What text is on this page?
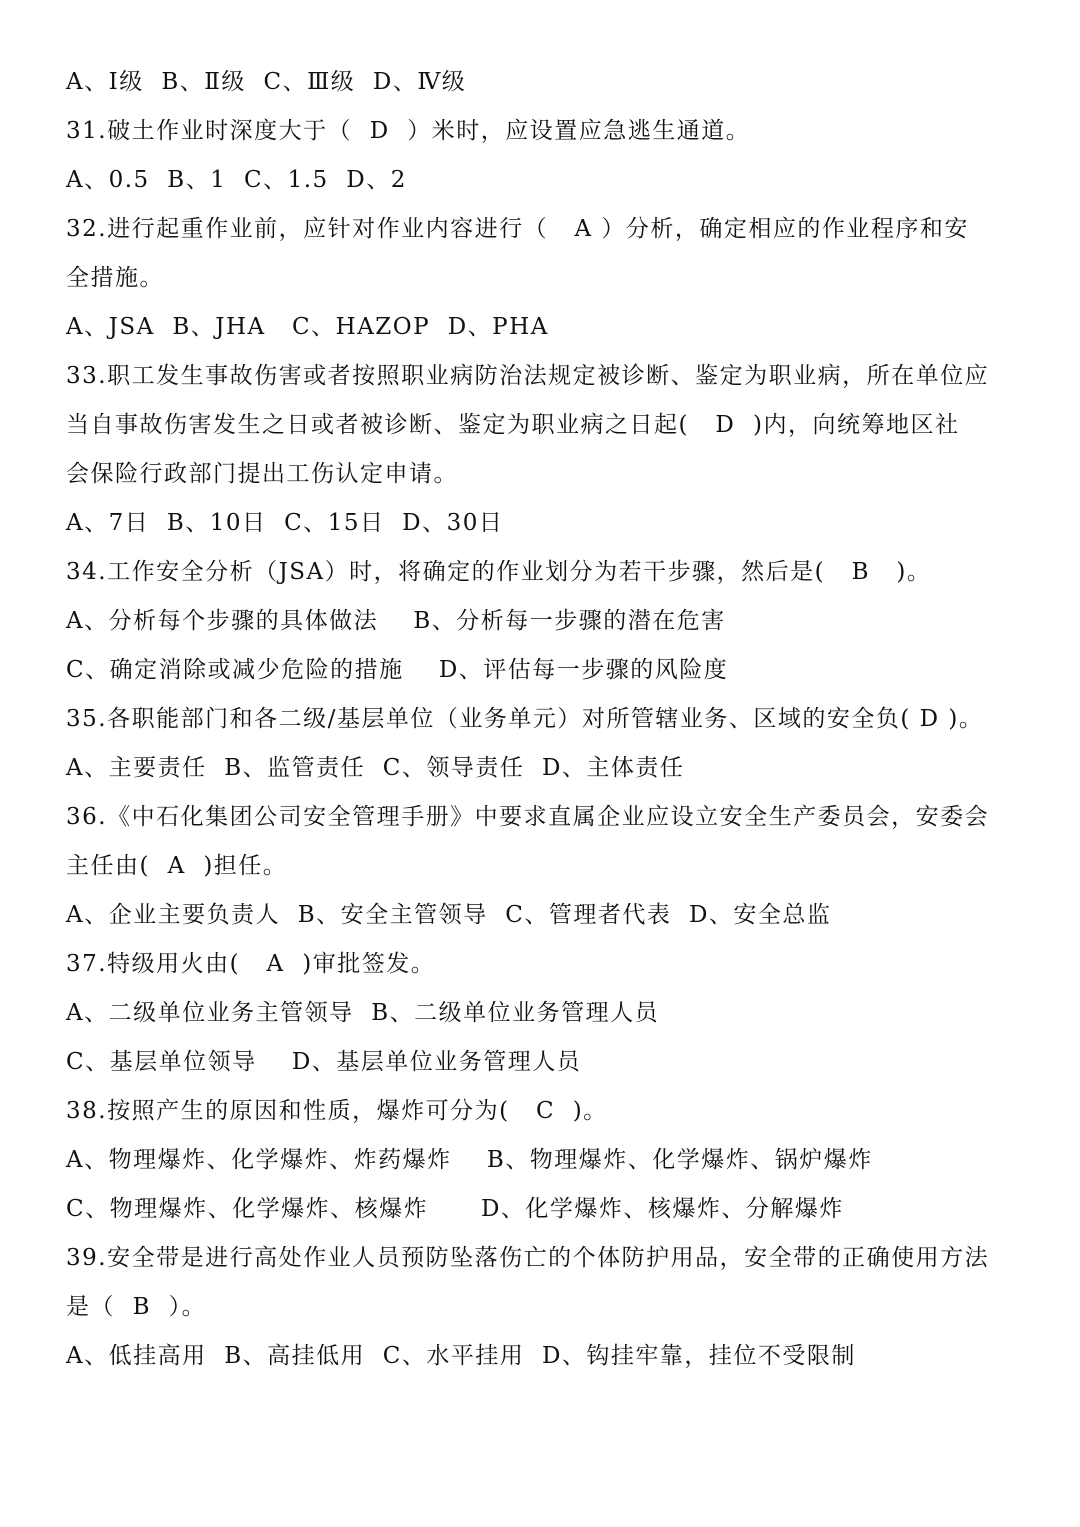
A、Ⅰ级  B、Ⅱ级  C、Ⅲ级  D、Ⅳ级
31.破土作业时深度大于（  D  ）米时，应设置应急逃生通道。
A、0.5  B、1  C、1.5  D、2
32.进行起重作业前，应针对作业内容进行（   A ）分析，确定相应的作业程序和安
全措施。
A、JSA  B、JHA   C、HAZOP  D、PHA
33.职工发生事故伤害或者按照职业病防治法规定被诊断、鉴定为职业病，所在单位应
当自事故伤害发生之日或者被诊断、鉴定为职业病之日起(   D  )内，向统筹地区社
会保险行政部门提出工伤认定申请。
A、7日  B、10日  C、15日  D、30日
34.工作安全分析（JSA）时，将确定的作业划分为若干步骤，然后是(   B   )。
A、分析每个步骤的具体做法    B、分析每一步骤的潜在危害
C、确定消除或减少危险的措施    D、评估每一步骤的风险度
35.各职能部门和各二级/基层单位（业务单元）对所管辖业务、区域的安全负( D )。
A、主要责任  B、监管责任  C、领导责任  D、主体责任
36.《中石化集团公司安全管理手册》中要求直属企业应设立安全生产委员会，安委会
主任由(  A  )担任。
A、企业主要负责人  B、安全主管领导  C、管理者代表  D、安全总监
37.特级用火由(   A  )审批签发。
A、二级单位业务主管领导  B、二级单位业务管理人员
C、基层单位领导    D、基层单位业务管理人员
38.按照产生的原因和性质，爆炸可分为(   C  )。
A、物理爆炸、化学爆炸、炸药爆炸    B、物理爆炸、化学爆炸、锅炉爆炸
C、物理爆炸、化学爆炸、核爆炸      D、化学爆炸、核爆炸、分解爆炸
39.安全带是进行高处作业人员预防坠落伤亡的个体防护用品，安全带的正确使用方法
是（  B  ）。
A、低挂高用  B、高挂低用  C、水平挂用  D、钩挂牢靠，挂位不受限制
